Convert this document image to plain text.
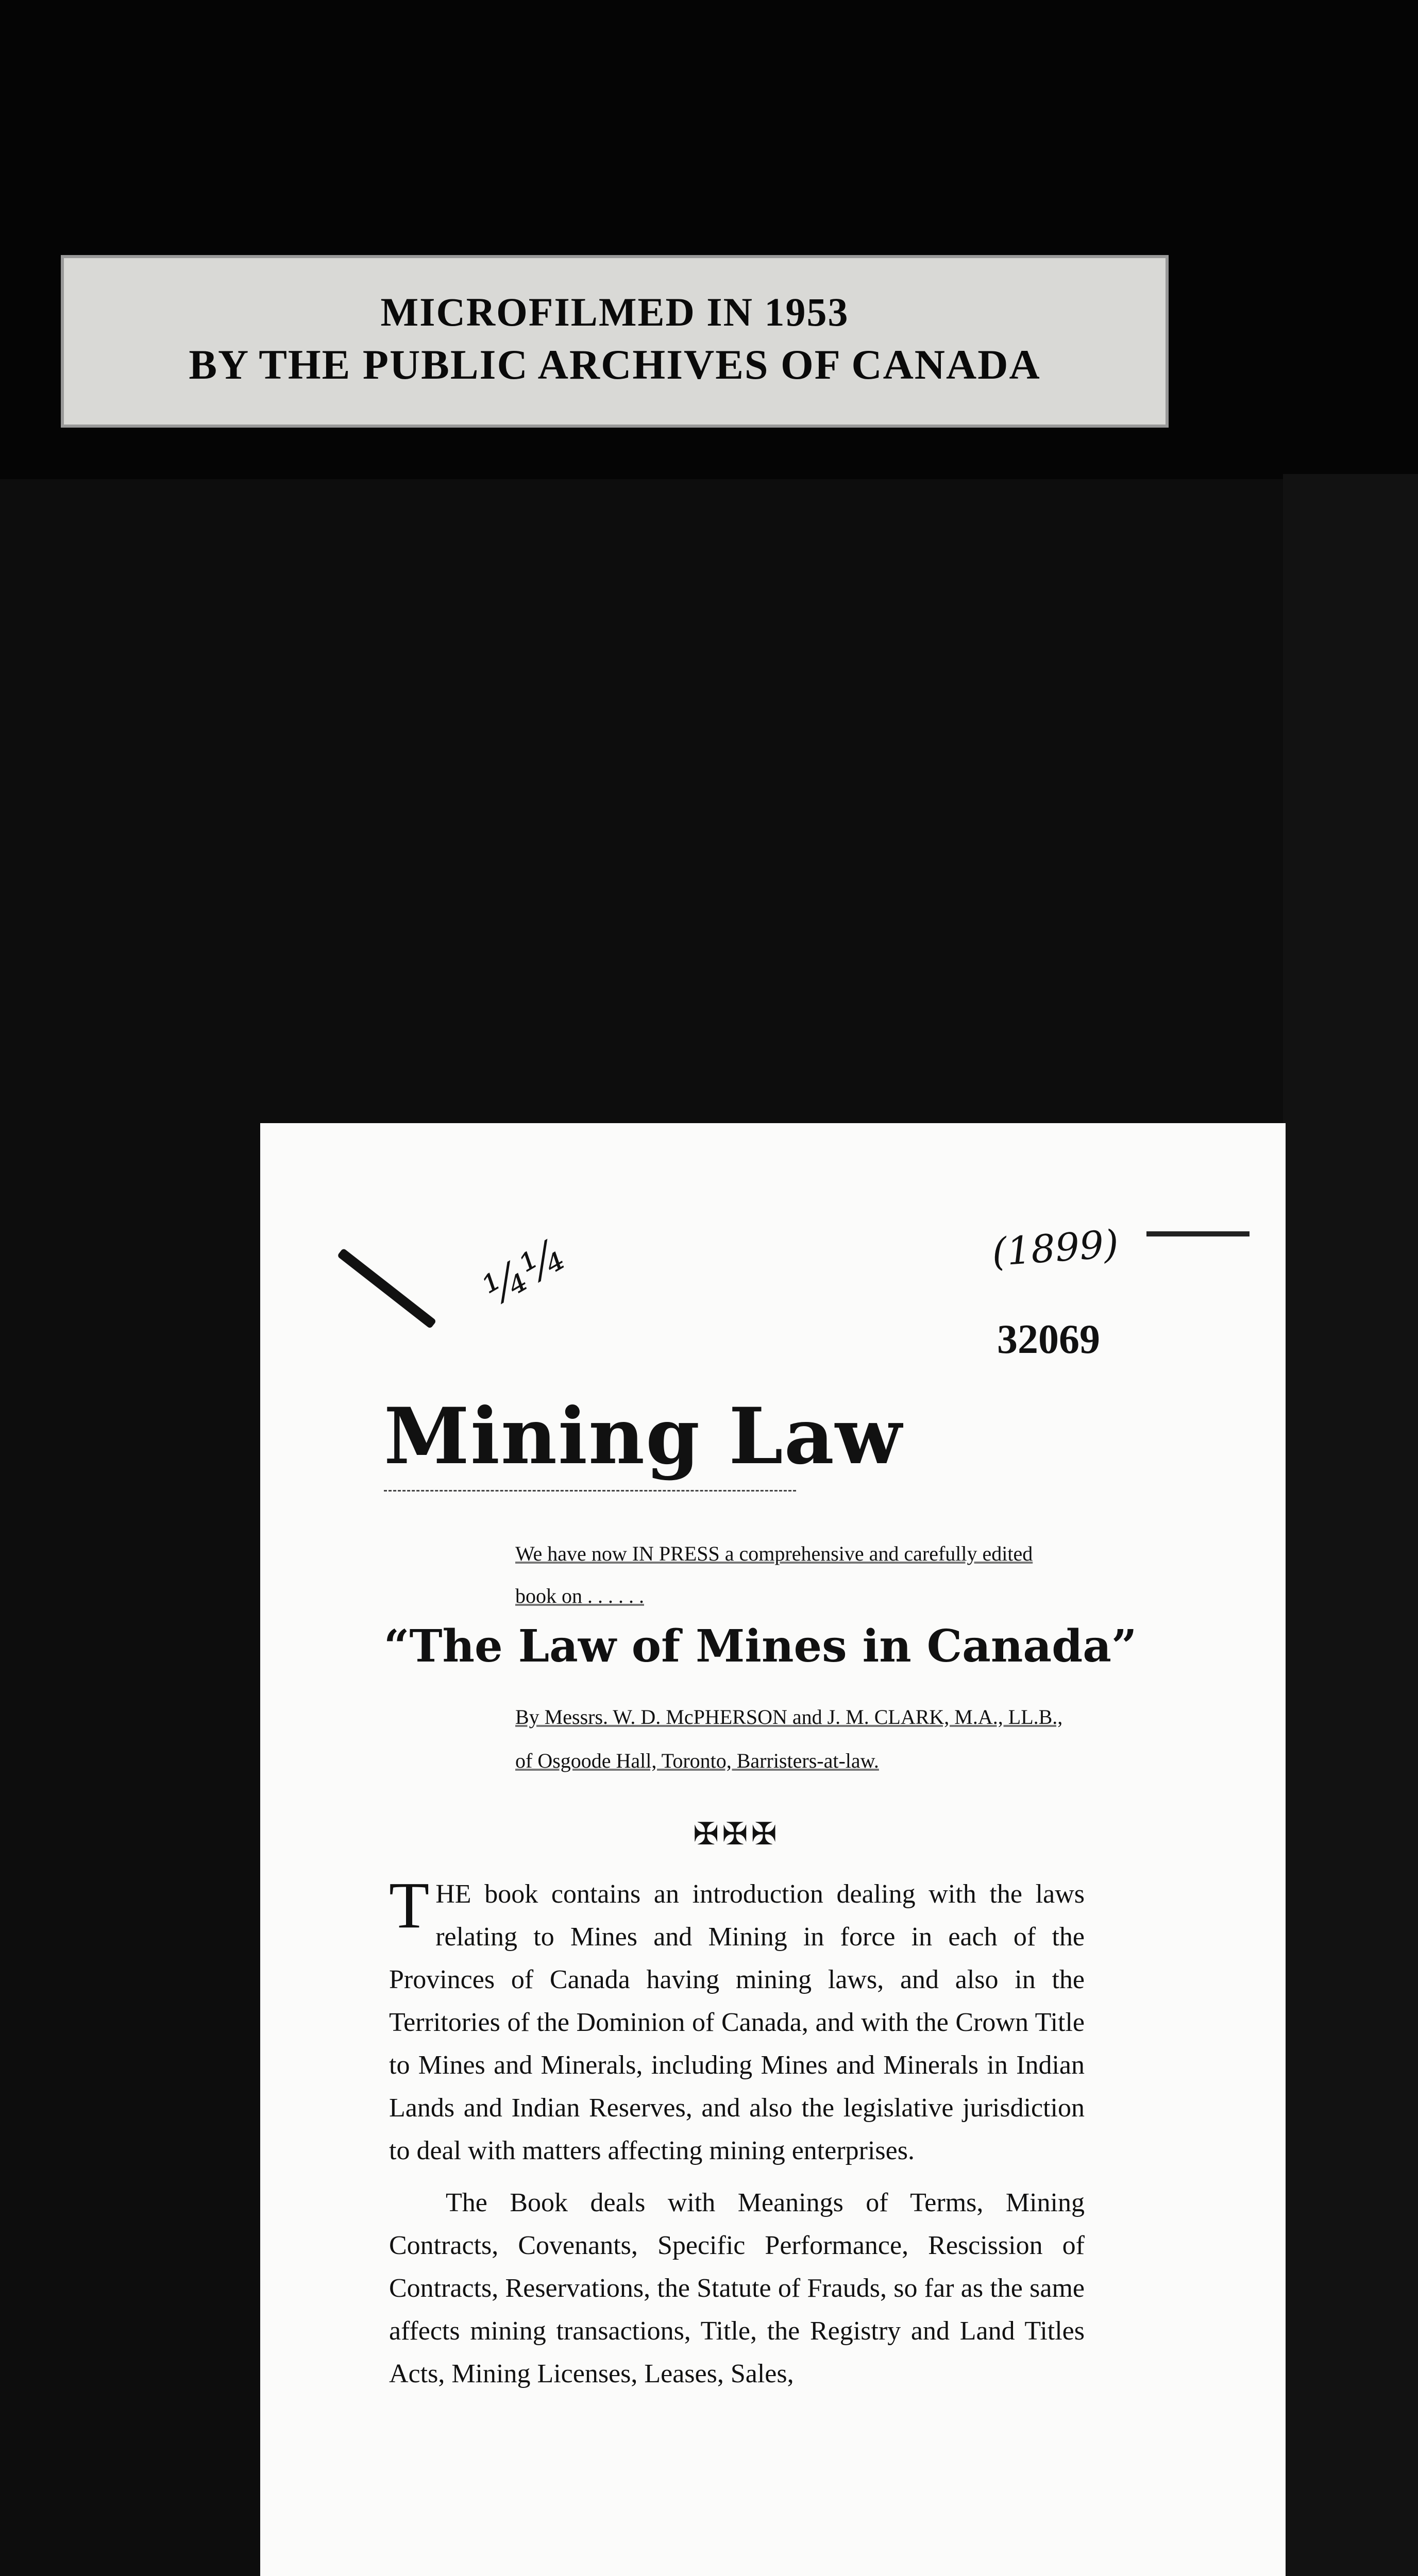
MICROFILMED IN 1953
BY THE PUBLIC ARCHIVES OF CANADA
¼¼	(1899)
32069
Mining Law
We have now IN PRESS a comprehensive and carefully edited book on . . . . . .
“The Law of Mines in Canada”
By Messrs. W. D. McPHERSON and J. M. CLARK, M.A., LL.B., of Osgoode Hall, Toronto, Barristers-at-law.
✠✠✠

THE book contains an introduction dealing with the laws relating to Mines and Mining in force in each of the Provinces of Canada having mining laws, and also in the Territories of the Dominion of Canada, and with the Crown Title to Mines and Minerals, including Mines and Minerals in Indian Lands and Indian Reserves, and also the legislative jurisdiction to deal with matters affecting mining enterprises.

The Book deals with Meanings of Terms, Mining Contracts, Covenants, Specific Performance, Rescission of Contracts, Reservations, the Statute of Frauds, so far as the same affects mining transactions, Title, the Registry and Land Titles Acts, Mining Licenses, Leases, Sales,
